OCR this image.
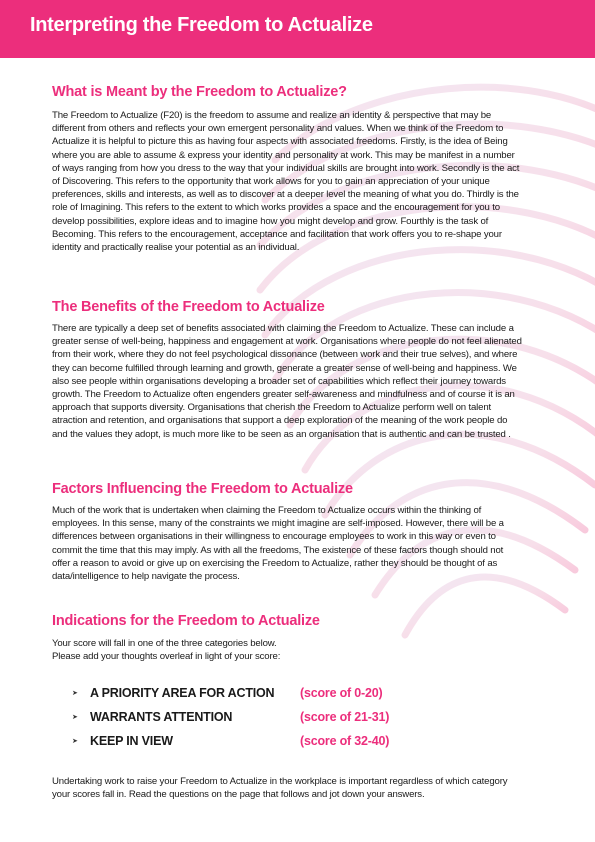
Interpreting the Freedom to Actualize
What is Meant by the Freedom to Actualize?
The Freedom to Actualize (F20) is the freedom to assume and realize an identity & perspective that may be different from others and reflects your own emergent personality and values. When we think of the Freedom to Actualize it is helpful to picture this as having four aspects with associated freedoms. Firstly, is the idea of Being where you are able to assume & express your identity and personality at work. This may be manifest in a number of ways ranging from how you dress to the way that your individual skills are brought into work. Secondly is the act of Discovering. This refers to the opportunity that work allows for you to gain an appreciation of your unique preferences, skills and interests, as well as to discover at a deeper level the meaning of what you do. Thirdly is the role of Imagining. This refers to the extent to which works provides a space and the encouragement for you to develop possibilities, explore ideas and to imagine how you might develop and grow. Fourthly is the task of Becoming. This refers to the encouragement, acceptance and facilitation that work offers you to re-shape your identity and practically realise your potential as an individual.
The Benefits of the Freedom to Actualize
There are typically a deep set of benefits associated with claiming the Freedom to Actualize. These can include a greater sense of well-being, happiness and engagement at work. Organisations where people do not feel alienated from their work, where they do not feel psychological dissonance (between work and their true selves), and where they can become fulfilled through learning and growth, generate a greater sense of well-being and happiness. We also see people within organisations developing a broader set of capabilities which reflect their journey towards growth. The Freedom to Actualize often engenders greater self-awareness and mindfulness and of course it is an approach that supports diversity. Organisations that cherish the Freedom to Actualize perform well on talent atraction and retention, and organisations that support a deep exploration of the meaning of the work people do and the values they adopt, is much more like to be seen as an organisation that is authentic and can be trusted .
Factors Influencing the Freedom to Actualize
Much of the work that is undertaken when claiming the Freedom to Actualize occurs within the thinking of employees. In this sense, many of the constraints we might imagine are self-imposed. However, there will be a differences between organisations in their willingness to encourage employees to work in this way or even to commit the time that this may imply. As with all the freedoms, The existence of these factors though should not offer a reason to avoid or give up on exercising the Freedom to Actualize, rather they should be thought of as data/intelligence to help navigate the process.
Indications for the Freedom to Actualize
Your score will fall in one of the three categories below. Please add your thoughts overleaf in light of your score:
➤ A PRIORITY AREA FOR ACTION (score of 0-20)
➤ WARRANTS ATTENTION	(score of 21-31)
➤ KEEP IN VIEW	(score of 32-40)
Undertaking work to raise your Freedom to Actualize in the workplace is important regardless of which category your scores fall in. Read the questions on the page that follows and jot down your answers.
